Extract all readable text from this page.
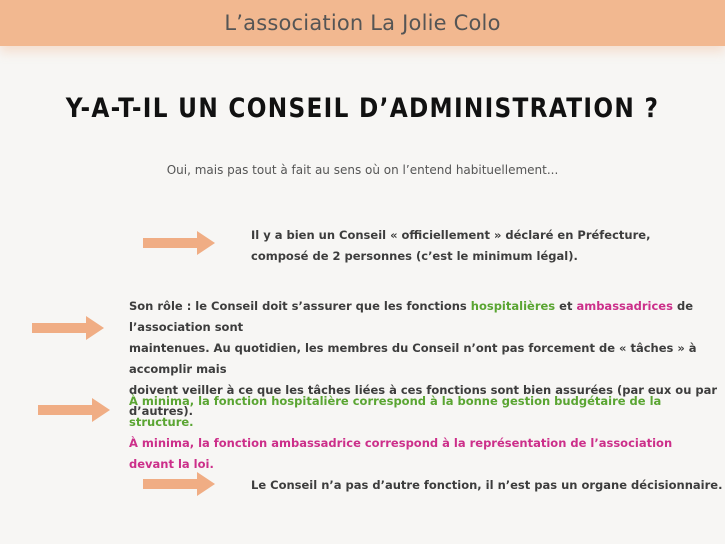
L’association La Jolie Colo
Y-A-T-IL UN CONSEIL D’ADMINISTRATION ?
Oui, mais pas tout à fait au sens où on l’entend habituellement...
Il y a bien un Conseil « officiellement » déclaré en Préfecture,
composé de 2 personnes (c’est le minimum légal).
Son rôle : le Conseil doit s’assurer que les fonctions hospitalières et ambassadrices de l’association sont
maintenues. Au quotidien, les membres du Conseil n’ont pas forcement de « tâches » à accomplir mais
doivent veiller à ce que les tâches liées à ces fonctions sont bien assurées (par eux ou par d’autres).
À minima, la fonction hospitalière correspond à la bonne gestion budgétaire de la structure.
À minima, la fonction ambassadrice correspond à la représentation de l’association devant la loi.
Le Conseil n’a pas d’autre fonction, il n’est pas un organe décisionnaire.
